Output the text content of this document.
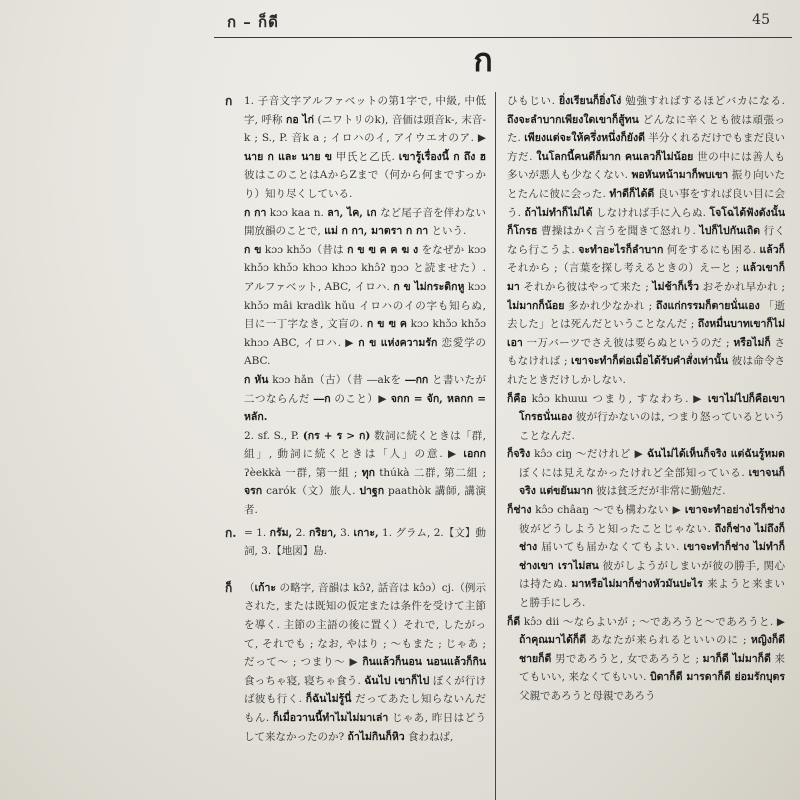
ก – ก็ดี	45
ก

ก 1. 子音文字アルファベットの第1字で, 中級, 中低字, 呼称 กอ ไก่ (ニワトリのk), 音価は頭音k-, 末音-k ; S., P. 音k a ; イロハのイ, アイウエオのア. ▶ นาย ก และ นาย ข 甲氏と乙氏. เขารู้เรื่องนี้ ก ถึง ฮ 彼はこのことはAからZまで（何から何まですっかり）知り尽くしている.

ก กา kɔɔ kaa n. ลา, ไค, เก など尾子音を伴わない開放韻のことで, แม่ ก กา, มาตรา ก กา という.

ก ข kɔɔ khɔ̌ɔ（昔は ก ข ฃ ค ฅ ฆ ง をなぜか kɔɔ khɔ̌ɔ khɔ̌ɔ khɔɔ khɔɔ khɔ̂ʔ ŋɔɔ と読ませた）. アルファベット, ABC, イロハ. ก ข ไม่กระดิกหู kɔɔ khɔ̌ɔ mâi kradìk hǔu イロハのイの字も知らぬ, 目に一丁字なき, 文盲の. ก ข ฃ ค kɔɔ khɔ̌ɔ khɔ̌ɔ khɔɔ ABC, イロハ. ▶ ก ข แห่งความรัก 恋愛学のABC.

ก หัน kɔɔ hǎn（古）（昔 ―akを ―กก と書いたが二つならんだ ―ก のこと）▶ จกก = จัก, หลกก = หลัก.

2. sf. S., P. (กร + ร > ก) 数詞に続くときは「群, 組」, 動詞に続くときは「人」の意. ▶ เอกก ʔèekkà 一群, 第一組 ; ทุก thúkà 二群, 第二組 ; จรก carók（文）旅人. ปาฐก paathòk 講師, 講演者.

ก. = 1. กรัม, 2. กริยา, 3. เกาะ, 1. グラム, 2.【文】動詞, 3.【地図】島.

ก็ （เก้าะ の略字, 音韻は kɔ̂ʔ, 話音は kɔ̂ɔ）cj.（例示された, または既知の仮定または条件を受けて主節を導く. 主節の主語の後に置く）それで, したがって, それでも ; なお, やはり ; ～もまた ; じゃあ ; だって～ ; つまり～ ▶ กินแล้วก็นอน นอนแล้วก็กิน 食っちゃ寝, 寝ちゃ食う. ฉันไป เขาก็ไป ぼくが行けば彼も行く. ก็ฉันไม่รู้นี่ だってあたし知らないんだもん. ก็เมื่อวานนี้ทำไมไม่มาเล่า じゃあ, 昨日はどうして来なかったのか? ถ้าไม่กินก็หิว 食わねば,

ひもじい. ยิ่งเรียนก็ยิ่งโง่ 勉強すればするほどバカになる. ถึงจะลำบากเพียงใดเขาก็สู้ทน どんなに辛くとも彼は頑張った. เพียงแต่จะให้ครึ่งหนึ่งก็ยังดี 半分くれるだけでもまだ良い方だ. ในโลกนี้คนดีก็มาก คนเลวก็ไม่น้อย 世の中には善人も多いが悪人も少なくない. พอหันหน้ามาก็พบเขา 振り向いたとたんに彼に会った. ทำดีก็ได้ดี 良い事をすれば良い目に会う. ถ้าไม่ทำก็ไม่ได้ しなければ手に入らぬ. โจโฉได้ฟังดังนั้นก็โกรธ 曹操はかく言うを聞きて怒れり. ไปก็ไปกันเถิด 行くなら行こうよ. จะทำอะไรก็ลำบาก 何をするにも困る. แล้วก็ それから ;（言葉を探し考えるときの）えーと ; แล้วเขาก็มา それから彼はやって来た ; ไม่ช้าก็เร็ว おそかれ早かれ ; ไม่มากก็น้อย 多かれ少なかれ ; ถึงแก่กรรมก็ตายนั่นเอง 「逝去した」とは死んだということなんだ ; ถึงหมื่นบาทเขาก็ไม่เอา 一万バーツでさえ彼は要らぬというのだ ; หรือไม่ก็ さもなければ ; เขาจะทำก็ต่อเมื่อได้รับคำสั่งเท่านั้น 彼は命令されたときだけしかしない.

ก็คือ kɔ̂ɔ khɯɯ つまり, すなわち. ▶ เขาไม่ไปก็คือเขาโกรธนั่นเอง 彼が行かないのは, つまり怒っているということなんだ.

ก็จริง kɔ̂ɔ ciŋ ～だけれど ▶ ฉันไม่ได้เห็นก็จริง แต่ฉันรู้หมด ぼくには見えなかったけれど全部知っている. เขาจนก็จริง แต่ขยันมาก 彼は貧乏だが非常に勤勉だ.

ก็ช่าง kɔ̂ɔ châaŋ ～でも構わない ▶ เขาจะทำอย่างไรก็ช่าง 彼がどうしようと知ったことじゃない. ถึงก็ช่าง ไม่ถึงก็ช่าง 届いても届かなくてもよい. เขาจะทำก็ช่าง ไม่ทำก็ช่างเขา เราไม่สน 彼がしようがしまいが彼の勝手, 関心は持たぬ. มาหรือไม่มาก็ช่างหัวมันปะไร 来ようと来まいと勝手にしろ.

ก็ดี kɔ̂ɔ dii ～ならよいが ; ～であろうと～であろうと. ▶ ถ้าคุณมาได้ก็ดี あなたが来られるといいのに ; หญิงก็ดี ชายก็ดี 男であろうと, 女であろうと ; มาก็ดี ไม่มาก็ดี 来てもいい, 来なくてもいい. บิดาก็ดี มารดาก็ดี ย่อมรักบุตร 父親であろうと母親であろう
